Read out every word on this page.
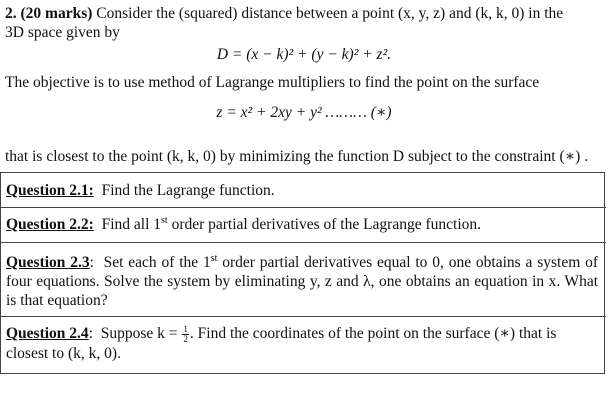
2. (20 marks) Consider the (squared) distance between a point (x, y, z) and (k, k, 0) in the
3D space given by
D = (x − k)² + (y − k)² + z².
The objective is to use method of Lagrange multipliers to find the point on the surface
z = x² + 2xy + y² ……… (∗)
that is closest to the point (k, k, 0) by minimizing the function D subject to the constraint (∗) .
Question 2.1: Find the Lagrange function.
Question 2.2: Find all 1st order partial derivatives of the Lagrange function.
Question 2.3: Set each of the 1st order partial derivatives equal to 0, one obtains a system of four equations. Solve the system by eliminating y, z and λ, one obtains an equation in x. What is that equation?
Question 2.4: Suppose $k = \frac{1}{2}$ . Find the coordinates of the point on the surface (∗) that is closest to (k, k, 0).
